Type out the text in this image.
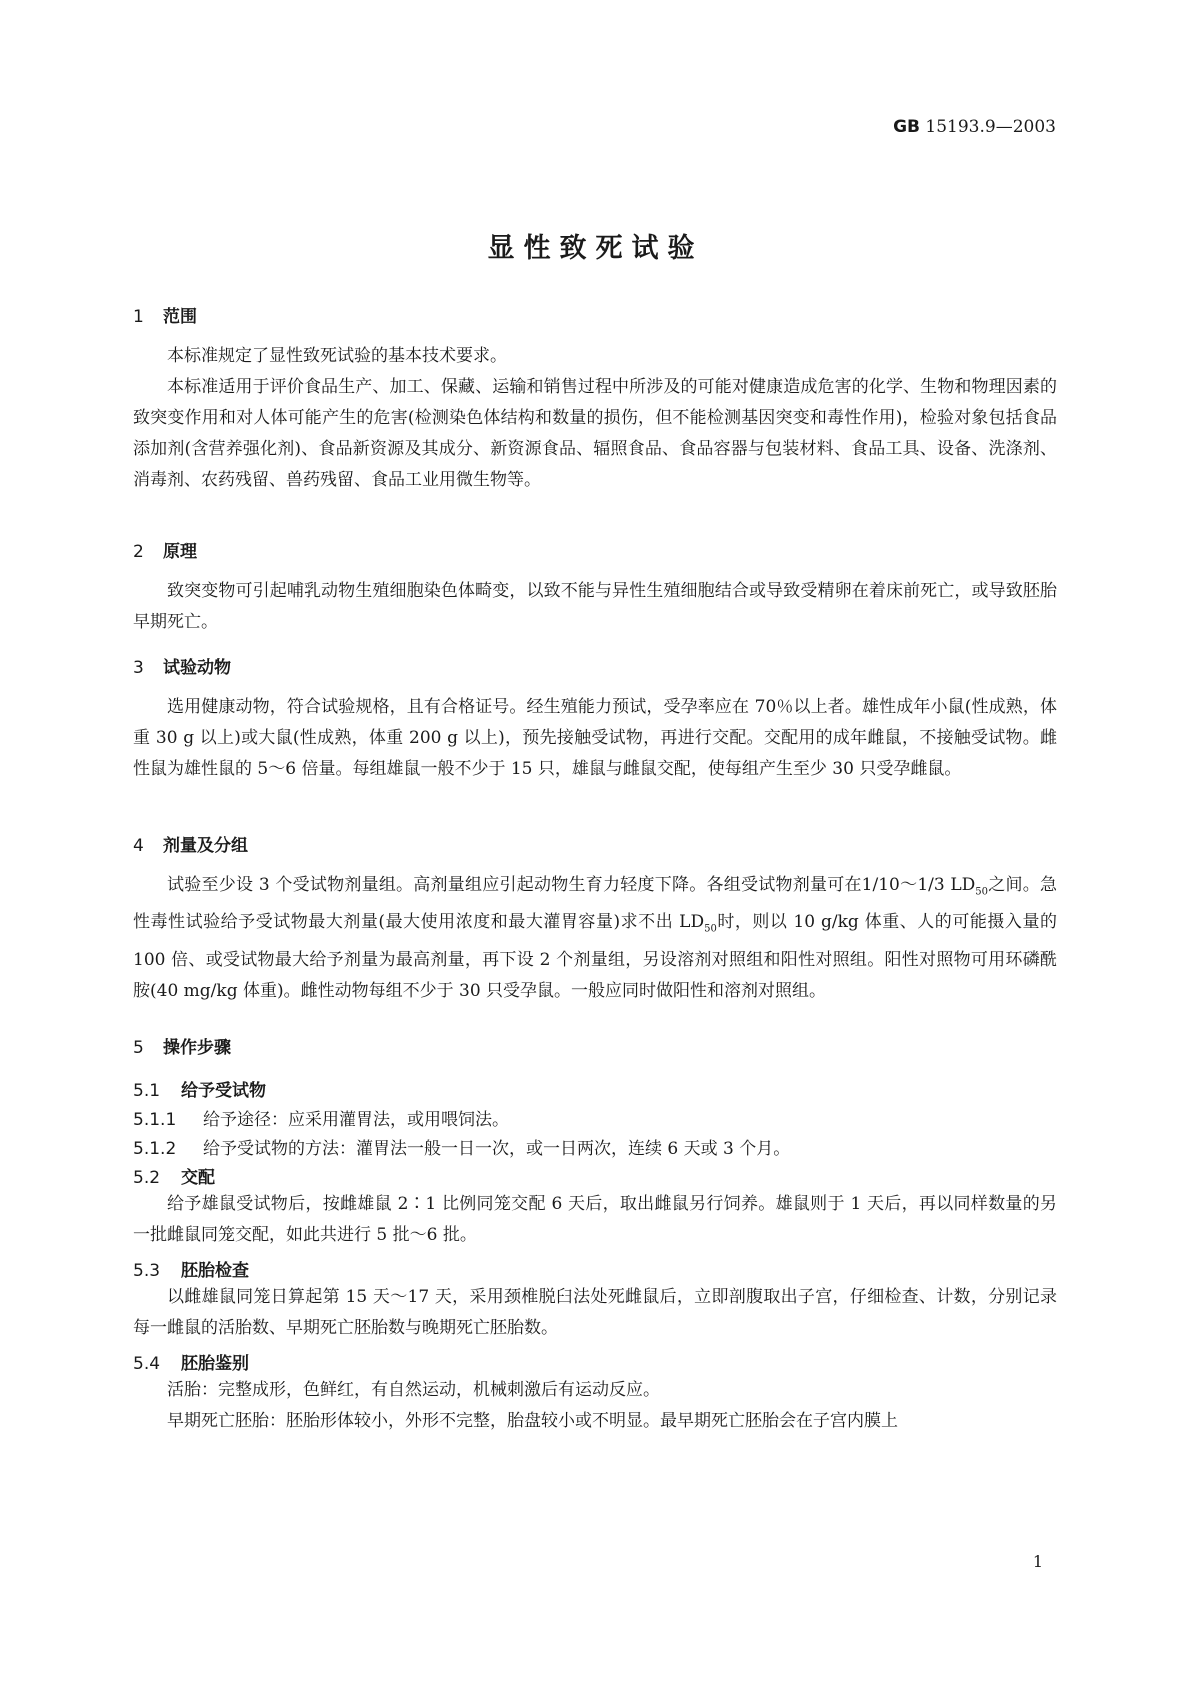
GB 15193.9—2003
显性致死试验
1 范围

本标准规定了显性致死试验的基本技术要求。

本标准适用于评价食品生产、加工、保藏、运输和销售过程中所涉及的可能对健康造成危害的化学、生物和物理因素的致突变作用和对人体可能产生的危害(检测染色体结构和数量的损伤，但不能检测基因突变和毒性作用)，检验对象包括食品添加剂(含营养强化剂)、食品新资源及其成分、新资源食品、辐照食品、食品容器与包装材料、食品工具、设备、洗涤剂、消毒剂、农药残留、兽药残留、食品工业用微生物等。

2 原理

致突变物可引起哺乳动物生殖细胞染色体畸变，以致不能与异性生殖细胞结合或导致受精卵在着床前死亡，或导致胚胎早期死亡。

3 试验动物

选用健康动物，符合试验规格，且有合格证号。经生殖能力预试，受孕率应在 70％以上者。雄性成年小鼠(性成熟，体重 30 g 以上)或大鼠(性成熟，体重 200 g 以上)，预先接触受试物，再进行交配。交配用的成年雌鼠，不接触受试物。雌性鼠为雄性鼠的 5～6 倍量。每组雄鼠一般不少于 15 只，雄鼠与雌鼠交配，使每组产生至少 30 只受孕雌鼠。

4 剂量及分组

试验至少设 3 个受试物剂量组。高剂量组应引起动物生育力轻度下降。各组受试物剂量可在1/10～1/3 $LD_{50}$之间。急性毒性试验给予受试物最大剂量(最大使用浓度和最大灌胃容量)求不出 $LD_{50}$时，则以 10 g/kg 体重、人的可能摄入量的 100 倍、或受试物最大给予剂量为最高剂量，再下设 2 个剂量组，另设溶剂对照组和阳性对照组。阳性对照物可用环磷酰胺(40 mg/kg 体重)。雌性动物每组不少于 30 只受孕鼠。一般应同时做阳性和溶剂对照组。

5 操作步骤
5.1 给予受试物
5.1.1 给予途径：应采用灌胃法，或用喂饲法。
5.1.2 给予受试物的方法：灌胃法一般一日一次，或一日两次，连续 6 天或 3 个月。
5.2 交配

给予雄鼠受试物后，按雌雄鼠 2∶1 比例同笼交配 6 天后，取出雌鼠另行饲养。雄鼠则于 1 天后，再以同样数量的另一批雌鼠同笼交配，如此共进行 5 批～6 批。

5.3 胚胎检查

以雌雄鼠同笼日算起第 15 天～17 天，采用颈椎脱臼法处死雌鼠后，立即剖腹取出子宫，仔细检查、计数，分别记录每一雌鼠的活胎数、早期死亡胚胎数与晚期死亡胚胎数。

5.4 胚胎鉴别

活胎：完整成形，色鲜红，有自然运动，机械刺激后有运动反应。

早期死亡胚胎：胚胎形体较小，外形不完整，胎盘较小或不明显。最早期死亡胚胎会在子宫内膜上

1
